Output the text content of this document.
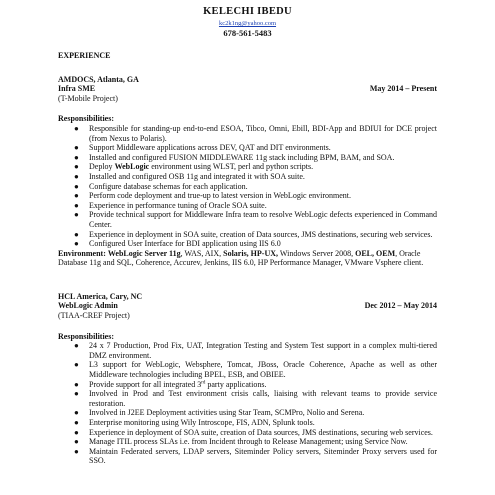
KELECHI IBEDU
kc2k1ng@yahoo.com
678-561-5483
EXPERIENCE
AMDOCS, Atlanta, GA
Infra SME	May 2014 – Present
(T-Mobile Project)
Responsibilities:
● Responsible for standing-up end-to-end ESOA, Tibco, Omni, Ebill, BDI-App and BDIUI for DCE project (from Nexus to Polaris).
● Support Middleware applications across DEV, QAT and DIT environments.
● Installed and configured FUSION MIDDLEWARE 11g stack including BPM, BAM, and SOA.
● Deploy WebLogic environment using WLST, perl and python scripts.
● Installed and configured OSB 11g and integrated it with SOA suite.
● Configure database schemas for each application.
● Perform code deployment and true-up to latest version in WebLogic environment.
● Experience in performance tuning of Oracle SOA suite.
● Provide technical support for Middleware Infra team to resolve WebLogic defects experienced in Command Center.
● Experience in deployment in SOA suite, creation of Data sources, JMS destinations, securing web services.
● Configured User Interface for BDI application using IIS 6.0
Environment: WebLogic Server 11g, WAS, AIX, Solaris, HP-UX, Windows Server 2008, OEL, OEM, Oracle Database 11g and SQL, Coherence, Accurev, Jenkins, IIS 6.0, HP Performance Manager, VMware Vsphere client.
HCL America, Cary, NC
WebLogic Admin	Dec 2012 – May 2014
(TIAA-CREF Project)
Responsibilities:
● 24 x 7 Production, Prod Fix, UAT, Integration Testing and System Test support in a complex multi-tiered DMZ environment.
● L3 support for WebLogic, Websphere, Tomcat, JBoss, Oracle Coherence, Apache as well as other Middleware technologies including BPEL, ESB, and OBIEE.
● Provide support for all integrated 3rd party applications.
● Involved in Prod and Test environment crisis calls, liaising with relevant teams to provide service restoration.
● Involved in J2EE Deployment activities using Star Team, SCMPro, Nolio and Serena.
● Enterprise monitoring using Wily Introscope, FIS, ADN, Splunk tools.
● Experience in deployment of SOA suite, creation of Data sources, JMS destinations, securing web services.
● Manage ITIL process SLAs i.e. from Incident through to Release Management; using Service Now.
● Maintain Federated servers, LDAP servers, Siteminder Policy servers, Siteminder Proxy servers used for SSO.
